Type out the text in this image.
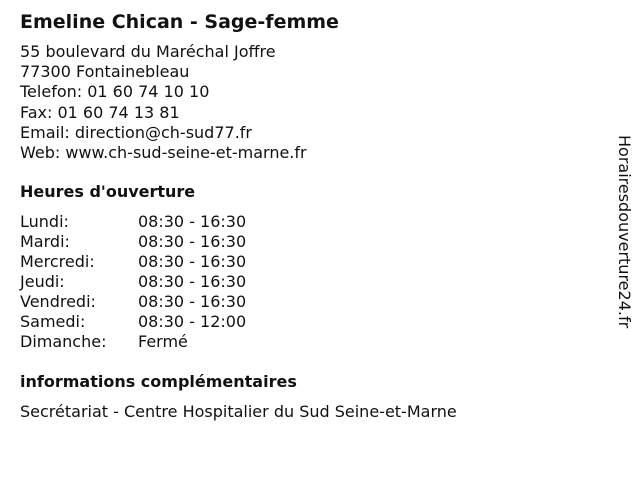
Emeline Chican - Sage-femme
55 boulevard du Maréchal Joffre
77300 Fontainebleau
Telefon: 01 60 74 10 10
Fax: 01 60 74 13 81
Email: direction@ch-sud77.fr
Web: www.ch-sud-seine-et-marne.fr
Heures d'ouverture
Lundi:	08:30 - 16:30
Mardi:	08:30 - 16:30
Mercredi:	08:30 - 16:30
Jeudi:	08:30 - 16:30
Vendredi:	08:30 - 16:30
Samedi:	08:30 - 12:00
Dimanche:	Fermé
informations complémentaires
Secrétariat - Centre Hospitalier du Sud Seine-et-Marne
Horairesdouverture24.fr
